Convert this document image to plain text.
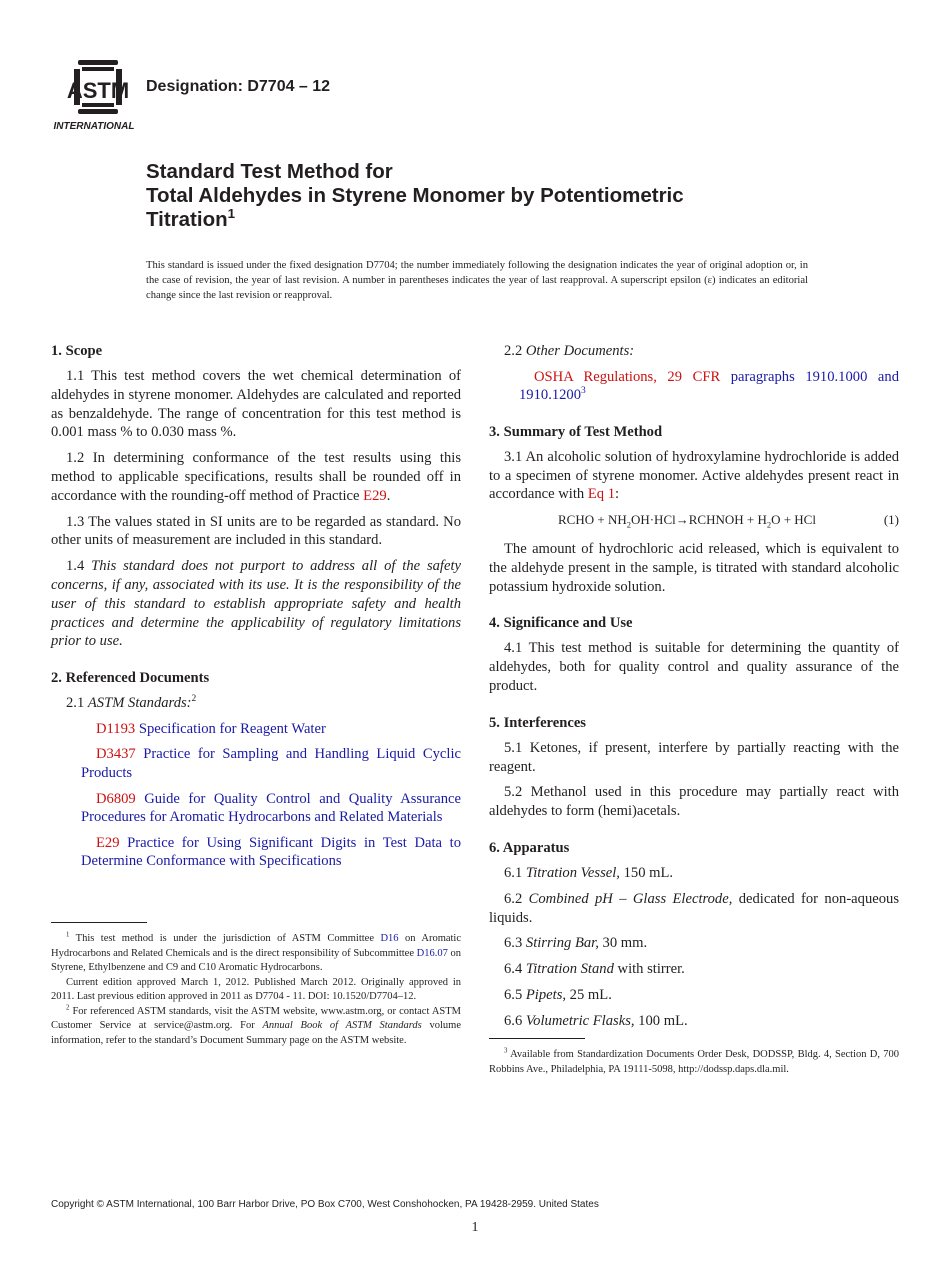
ASTM
INTERNATIONAL
Designation: D7704 – 12
Standard Test Method for
Total Aldehydes in Styrene Monomer by Potentiometric
Titration$^1$
This standard is issued under the fixed designation D7704; the number immediately following the designation indicates the year of original adoption or, in the case of revision, the year of last revision. A number in parentheses indicates the year of last reapproval. A superscript epsilon (ε) indicates an editorial change since the last revision or reapproval.
1. Scope

1.1 This test method covers the wet chemical determination of aldehydes in styrene monomer. Aldehydes are calculated and reported as benzaldehyde. The range of concentration for this test method is 0.001 mass % to 0.030 mass %.

1.2 In determining conformance of the test results using this method to applicable specifications, results shall be rounded off in accordance with the rounding-off method of Practice E29.

1.3 The values stated in SI units are to be regarded as standard. No other units of measurement are included in this standard.

1.4 This standard does not purport to address all of the safety concerns, if any, associated with its use. It is the responsibility of the user of this standard to establish appropriate safety and health practices and determine the applicability of regulatory limitations prior to use.

2. Referenced Documents

2.1 ASTM Standards:$^2$

D1193 Specification for Reagent Water

D3437 Practice for Sampling and Handling Liquid Cyclic Products

D6809 Guide for Quality Control and Quality Assurance Procedures for Aromatic Hydrocarbons and Related Materials

E29 Practice for Using Significant Digits in Test Data to Determine Conformance with Specifications

$^1$ This test method is under the jurisdiction of ASTM Committee D16 on Aromatic Hydrocarbons and Related Chemicals and is the direct responsibility of Subcommittee D16.07 on Styrene, Ethylbenzene and C9 and C10 Aromatic Hydrocarbons.

Current edition approved March 1, 2012. Published March 2012. Originally approved in 2011. Last previous edition approved in 2011 as D7704 - 11. DOI: 10.1520/D7704–12.

$^2$ For referenced ASTM standards, visit the ASTM website, www.astm.org, or contact ASTM Customer Service at service@astm.org. For Annual Book of ASTM Standards volume information, refer to the standard’s Document Summary page on the ASTM website.

2.2 Other Documents:

OSHA Regulations, 29 CFR paragraphs 1910.1000 and 1910.1200$^3$

3. Summary of Test Method

3.1 An alcoholic solution of hydroxylamine hydrochloride is added to a specimen of styrene monomer. Active aldehydes present react in accordance with Eq 1:

RCHO + $NH_2OH\cdot HCl\to RCHNOH + H_2O$ + HCl	(1)

The amount of hydrochloric acid released, which is equivalent to the aldehyde present in the sample, is titrated with standard alcoholic potassium hydroxide solution.

4. Significance and Use

4.1 This test method is suitable for determining the quantity of aldehydes, both for quality control and quality assurance of the product.

5. Interferences

5.1 Ketones, if present, interfere by partially reacting with the reagent.

5.2 Methanol used in this procedure may partially react with aldehydes to form (hemi)acetals.

6. Apparatus

6.1 Titration Vessel, 150 mL.

6.2 Combined pH – Glass Electrode, dedicated for non-aqueous liquids.

6.3 Stirring Bar, 30 mm.

6.4 Titration Stand with stirrer.

6.5 Pipets, 25 mL.

6.6 Volumetric Flasks, 100 mL.

$^3$ Available from Standardization Documents Order Desk, DODSSP, Bldg. 4, Section D, 700 Robbins Ave., Philadelphia, PA 19111-5098, http://dodssp.daps.dla.mil.

Copyright © ASTM International, 100 Barr Harbor Drive, PO Box C700, West Conshohocken, PA 19428-2959. United States
1
